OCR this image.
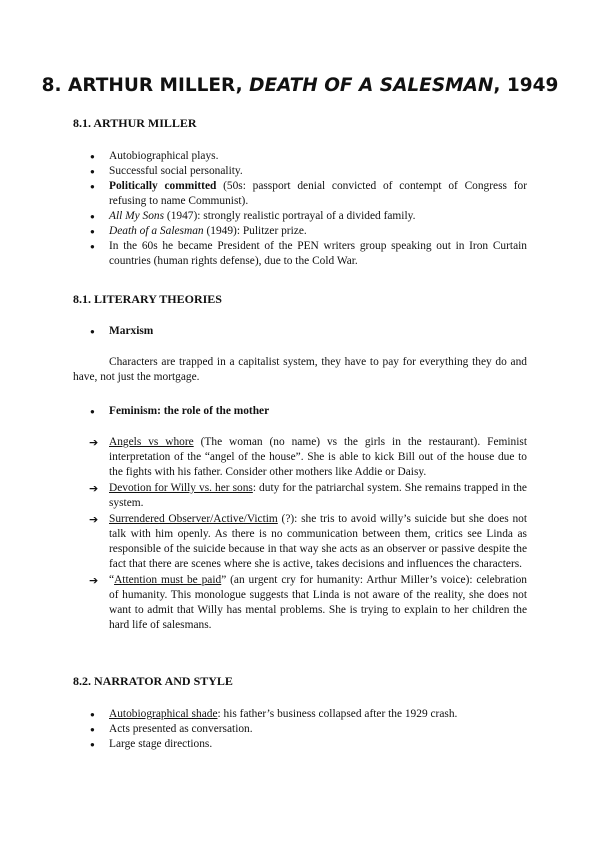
8. ARTHUR MILLER, DEATH OF A SALESMAN, 1949
8.1. ARTHUR MILLER
● Autobiographical plays.
● Successful social personality.
● Politically committed (50s: passport denial convicted of contempt of Congress for refusing to name Communist).
● All My Sons (1947): strongly realistic portrayal of a divided family.
● Death of a Salesman (1949): Pulitzer prize.
● In the 60s he became President of the PEN writers group speaking out in Iron Curtain countries (human rights defense), due to the Cold War.
8.1. LITERARY THEORIES
● Marxism

Characters are trapped in a capitalist system, they have to pay for everything they do and have, not just the mortgage.

● Feminism: the role of the mother
➔ Angels vs whore (The woman (no name) vs the girls in the restaurant). Feminist interpretation of the “angel of the house”. She is able to kick Bill out of the house due to the fights with his father. Consider other mothers like Addie or Daisy.
➔ Devotion for Willy vs. her sons: duty for the patriarchal system. She remains trapped in the system.
➔ Surrendered Observer/Active/Victim (?): she tris to avoid willy’s suicide but she does not talk with him openly. As there is no communication between them, critics see Linda as responsible of the suicide because in that way she acts as an observer or passive despite the fact that there are scenes where she is active, takes decisions and influences the characters.
➔ “Attention must be paid” (an urgent cry for humanity: Arthur Miller’s voice): celebration of humanity. This monologue suggests that Linda is not aware of the reality, she does not want to admit that Willy has mental problems. She is trying to explain to her children the hard life of salesmans.
8.2. NARRATOR AND STYLE
● Autobiographical shade: his father’s business collapsed after the 1929 crash.
● Acts presented as conversation.
● Large stage directions.
